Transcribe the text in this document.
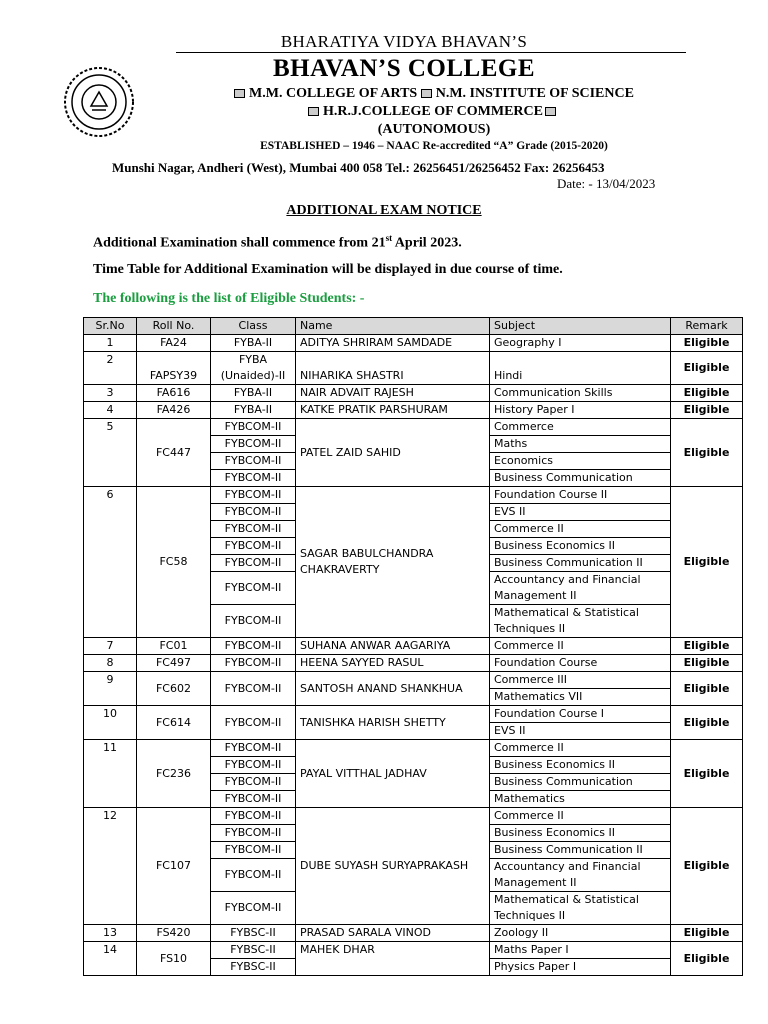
BHARATIYA VIDYA BHAVAN’S
BHAVAN’S COLLEGE
M.M. COLLEGE OF ARTS N.M. INSTITUTE OF SCIENCE
H.R.J.COLLEGE OF COMMERCE
(AUTONOMOUS)
ESTABLISHED – 1946 – NAAC Re-accredited “A” Grade (2015-2020)
Munshi Nagar, Andheri (West), Mumbai 400 058 Tel.: 26256451/26256452 Fax: 26256453
Date: - 13/04/2023
ADDITIONAL EXAM NOTICE
Additional Examination shall commence from 21st April 2023.
Time Table for Additional Examination will be displayed in due course of time.
The following is the list of Eligible Students: -
Sr.No	Roll No.	Class	Name	Subject	Remark
1	FA24	FYBA-II	ADITYA SHRIRAM SAMDADE	Geography I	Eligible
2	FAPSY39	FYBA (Unaided)-II	NIHARIKA SHASTRI	Hindi	Eligible
3	FA616	FYBA-II	NAIR ADVAIT RAJESH	Communication Skills	Eligible
4	FA426	FYBA-II	KATKE PRATIK PARSHURAM	History Paper I	Eligible
5	FC447	FYBCOM-II	PATEL ZAID SAHID	Commerce	Eligible
		FYBCOM-II		Maths	
		FYBCOM-II		Economics	
		FYBCOM-II		Business Communication	
6	FC58	FYBCOM-II	SAGAR BABULCHANDRA CHAKRAVERTY	Foundation Course II	Eligible
		FYBCOM-II		EVS II	
		FYBCOM-II		Commerce II	
		FYBCOM-II		Business Economics II	
		FYBCOM-II		Business Communication II	
		FYBCOM-II		Accountancy and Financial Management II	
		FYBCOM-II		Mathematical & Statistical Techniques II	
7	FC01	FYBCOM-II	SUHANA ANWAR AAGARIYA	Commerce II	Eligible
8	FC497	FYBCOM-II	HEENA SAYYED RASUL	Foundation Course	Eligible
9	FC602	FYBCOM-II	SANTOSH ANAND SHANKHUA	Commerce III	Eligible
				Mathematics VII	
10	FC614	FYBCOM-II	TANISHKA HARISH SHETTY	Foundation Course I	Eligible
				EVS II	
11	FC236	FYBCOM-II	PAYAL VITTHAL JADHAV	Commerce II	Eligible
		FYBCOM-II		Business Economics II	
		FYBCOM-II		Business Communication	
		FYBCOM-II		Mathematics	
12	FC107	FYBCOM-II	DUBE SUYASH SURYAPRAKASH	Commerce II	Eligible
		FYBCOM-II		Business Economics II	
		FYBCOM-II		Business Communication II	
		FYBCOM-II		Accountancy and Financial Management II	
		FYBCOM-II		Mathematical & Statistical Techniques II	
13	FS420	FYBSC-II	PRASAD SARALA VINOD	Zoology II	Eligible
14	FS10	FYBSC-II	MAHEK DHAR	Maths Paper I	Eligible
		FYBSC-II		Physics Paper I	
